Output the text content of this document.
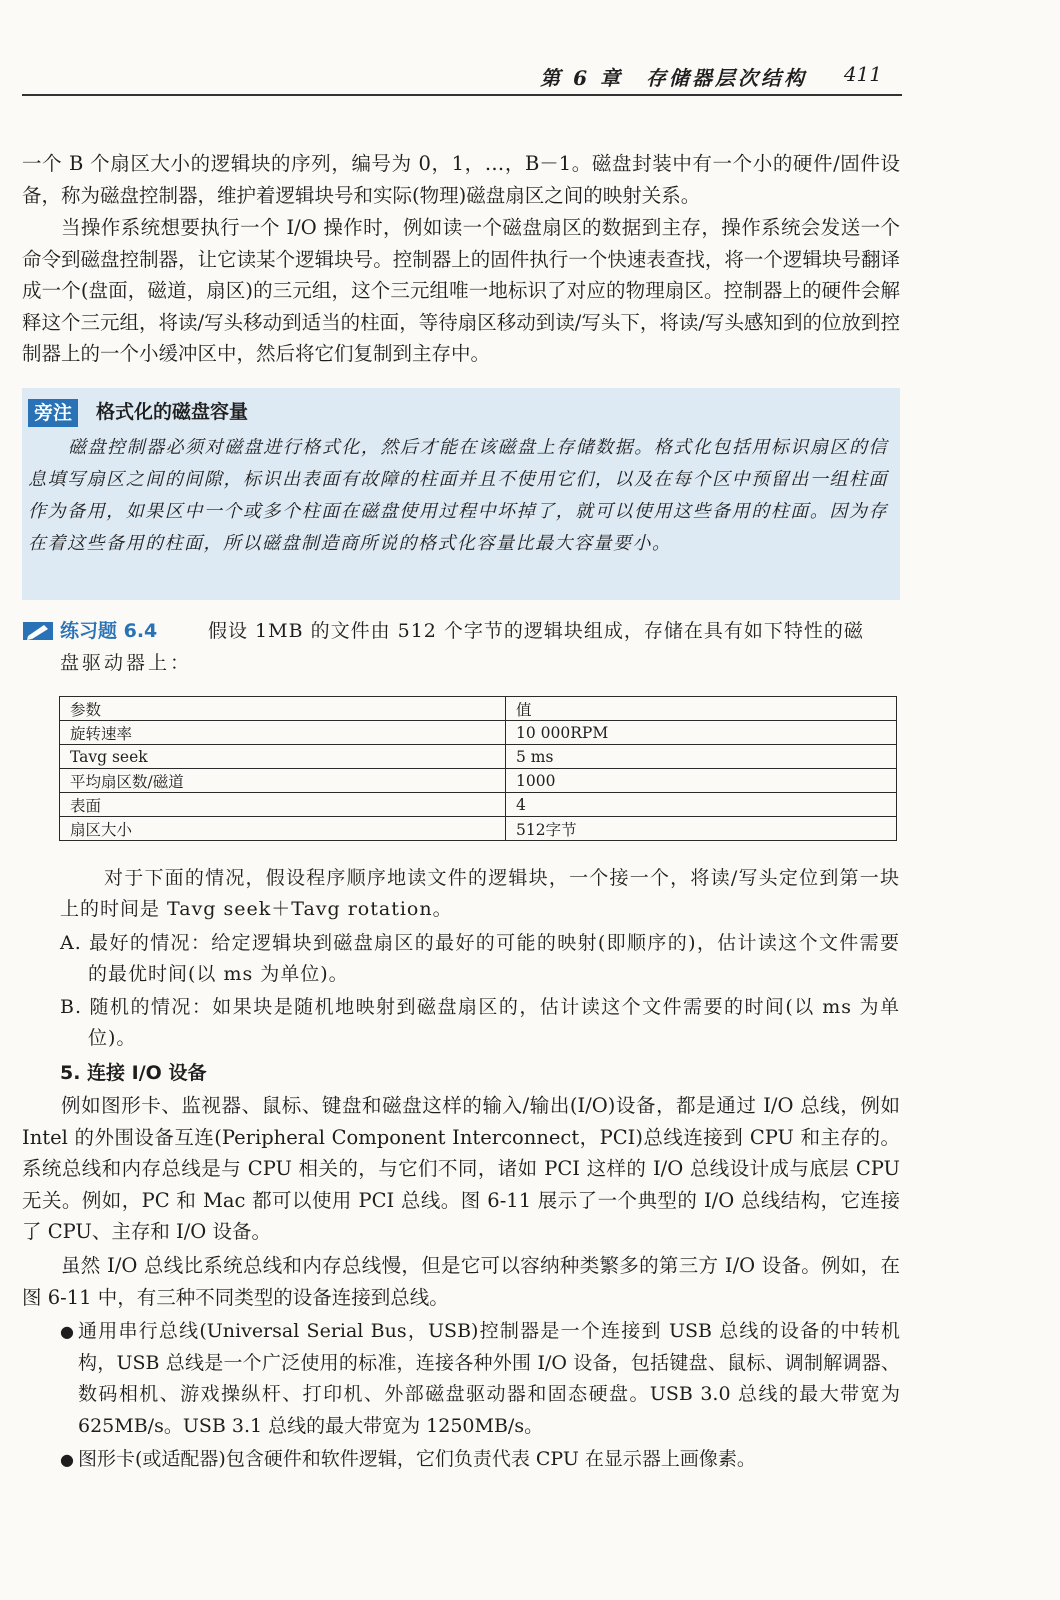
第 6 章　存储器层次结构 411

一个 B 个扇区大小的逻辑块的序列，编号为 0，1，…，B－1。磁盘封装中有一个小的硬件/固件设备，称为磁盘控制器，维护着逻辑块号和实际(物理)磁盘扇区之间的映射关系。

当操作系统想要执行一个 I/O 操作时，例如读一个磁盘扇区的数据到主存，操作系统会发送一个命令到磁盘控制器，让它读某个逻辑块号。控制器上的固件执行一个快速表查找，将一个逻辑块号翻译成一个(盘面，磁道，扇区)的三元组，这个三元组唯一地标识了对应的物理扇区。控制器上的硬件会解释这个三元组，将读/写头移动到适当的柱面，等待扇区移动到读/写头下，将读/写头感知到的位放到控制器上的一个小缓冲区中，然后将它们复制到主存中。

旁注	格式化的磁盘容量

磁盘控制器必须对磁盘进行格式化，然后才能在该磁盘上存储数据。格式化包括用标识扇区的信息填写扇区之间的间隙，标识出表面有故障的柱面并且不使用它们，以及在每个区中预留出一组柱面作为备用，如果区中一个或多个柱面在磁盘使用过程中坏掉了，就可以使用这些备用的柱面。因为存在着这些备用的柱面，所以磁盘制造商所说的格式化容量比最大容量要小。

练习题 6.4	假设 1MB 的文件由 512 个字节的逻辑块组成，存储在具有如下特性的磁
盘驱动器上：
参数	值
旋转速率	10 000RPM
Tavg seek	5 ms
平均扇区数/磁道	1000
表面	4
扇区大小	512字节

对于下面的情况，假设程序顺序地读文件的逻辑块，一个接一个，将读/写头定位到第一块上的时间是 Tavg seek＋Tavg rotation。

A. 最好的情况：给定逻辑块到磁盘扇区的最好的可能的映射(即顺序的)，估计读这个文件需要的最优时间(以 ms 为单位)。

B. 随机的情况：如果块是随机地映射到磁盘扇区的，估计读这个文件需要的时间(以 ms 为单位)。

5. 连接 I/O 设备

例如图形卡、监视器、鼠标、键盘和磁盘这样的输入/输出(I/O)设备，都是通过 I/O 总线，例如 Intel 的外围设备互连(Peripheral Component Interconnect，PCI)总线连接到 CPU 和主存的。系统总线和内存总线是与 CPU 相关的，与它们不同，诸如 PCI 这样的 I/O 总线设计成与底层 CPU 无关。例如，PC 和 Mac 都可以使用 PCI 总线。图 6-11 展示了一个典型的 I/O 总线结构，它连接了 CPU、主存和 I/O 设备。

虽然 I/O 总线比系统总线和内存总线慢，但是它可以容纳种类繁多的第三方 I/O 设备。例如，在图 6-11 中，有三种不同类型的设备连接到总线。

● 通用串行总线(Universal Serial Bus，USB)控制器是一个连接到 USB 总线的设备的中转机构，USB 总线是一个广泛使用的标准，连接各种外围 I/O 设备，包括键盘、鼠标、调制解调器、数码相机、游戏操纵杆、打印机、外部磁盘驱动器和固态硬盘。USB 3.0 总线的最大带宽为 625MB/s。USB 3.1 总线的最大带宽为 1250MB/s。
● 图形卡(或适配器)包含硬件和软件逻辑，它们负责代表 CPU 在显示器上画像素。
